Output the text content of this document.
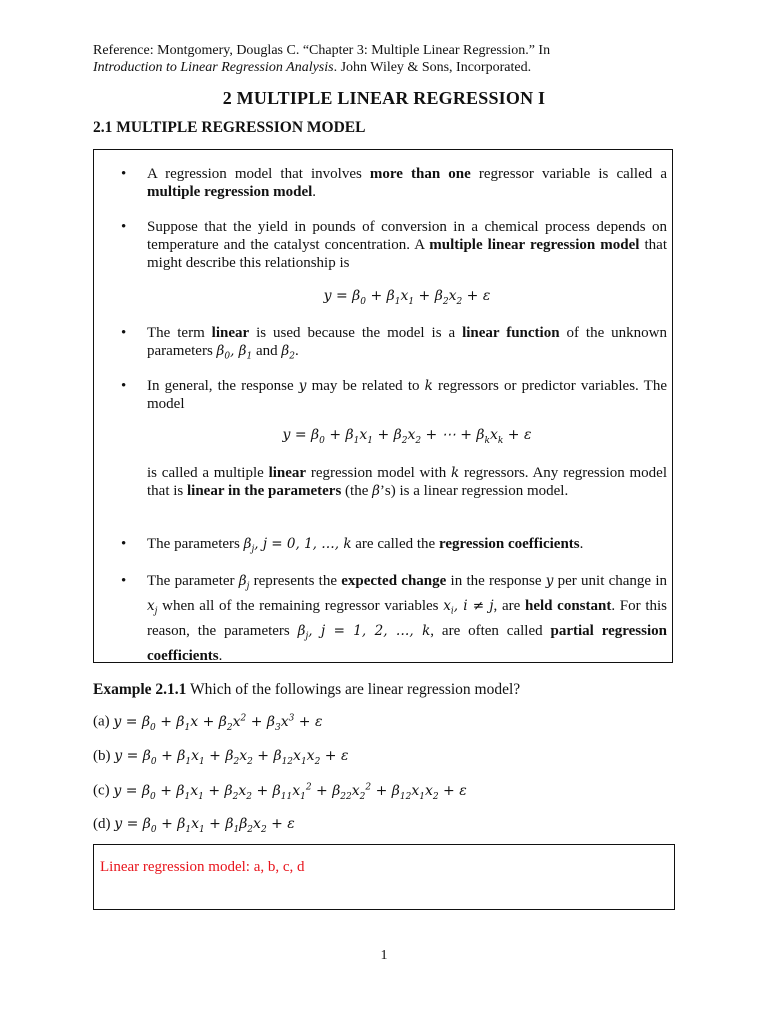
Reference: Montgomery, Douglas C. “Chapter 3: Multiple Linear Regression.” In
Introduction to Linear Regression Analysis. John Wiley & Sons, Incorporated.
2 MULTIPLE LINEAR REGRESSION I
2.1 MULTIPLE REGRESSION MODEL
• A regression model that involves more than one regressor variable is called a multiple regression model.
• Suppose that the yield in pounds of conversion in a chemical process depends on temperature and the catalyst concentration. A multiple linear regression model that might describe this relationship is
$y = \beta_0 + \beta_1x_1 + \beta_2x_2 + \varepsilon$
• The term linear is used because the model is a linear function of the unknown parameters $\beta_0$, $\beta_1$ and $\beta_2$.
• In general, the response y may be related to k regressors or predictor variables. The model
$y = \beta_0 + \beta_1x_1 + \beta_2x_2$ + ⋯ + $\beta_kx_k + \varepsilon$
is called a multiple linear regression model with k regressors. Any regression model that is linear in the parameters (the β’s) is a linear regression model.
• The parameters $\beta_j$, j = 0, 1, …, k are called the regression coefficients.
• The parameter $\beta_j$ represents the expected change in the response y per unit change in $x_j$ when all of the remaining regressor variables $x_i$, i ≠ j, are held constant. For this reason, the parameters $\beta_j$, j = 1, 2, …, k, are often called partial regression coefficients.
Example 2.1.1 Which of the followings are linear regression model?
(a) $y = \beta_0 + \beta_1x + \beta_2x^2 + \beta_3x^3 + \varepsilon$
(b) $y = \beta_0 + \beta_1x_1 + \beta_2x_2 + \beta_{12}x_1x_2 + \varepsilon$
(c) $y = \beta_0 + \beta_1x_1 + \beta_2x_2 + \beta_{11}x_1^2 + \beta_{22}x_2^2 + \beta_{12}x_1x_2 + \varepsilon$
(d) $y = \beta_0 + \beta_1x_1 + \beta_1\beta_2x_2 + \varepsilon$
Linear regression model: a, b, c, d
1
